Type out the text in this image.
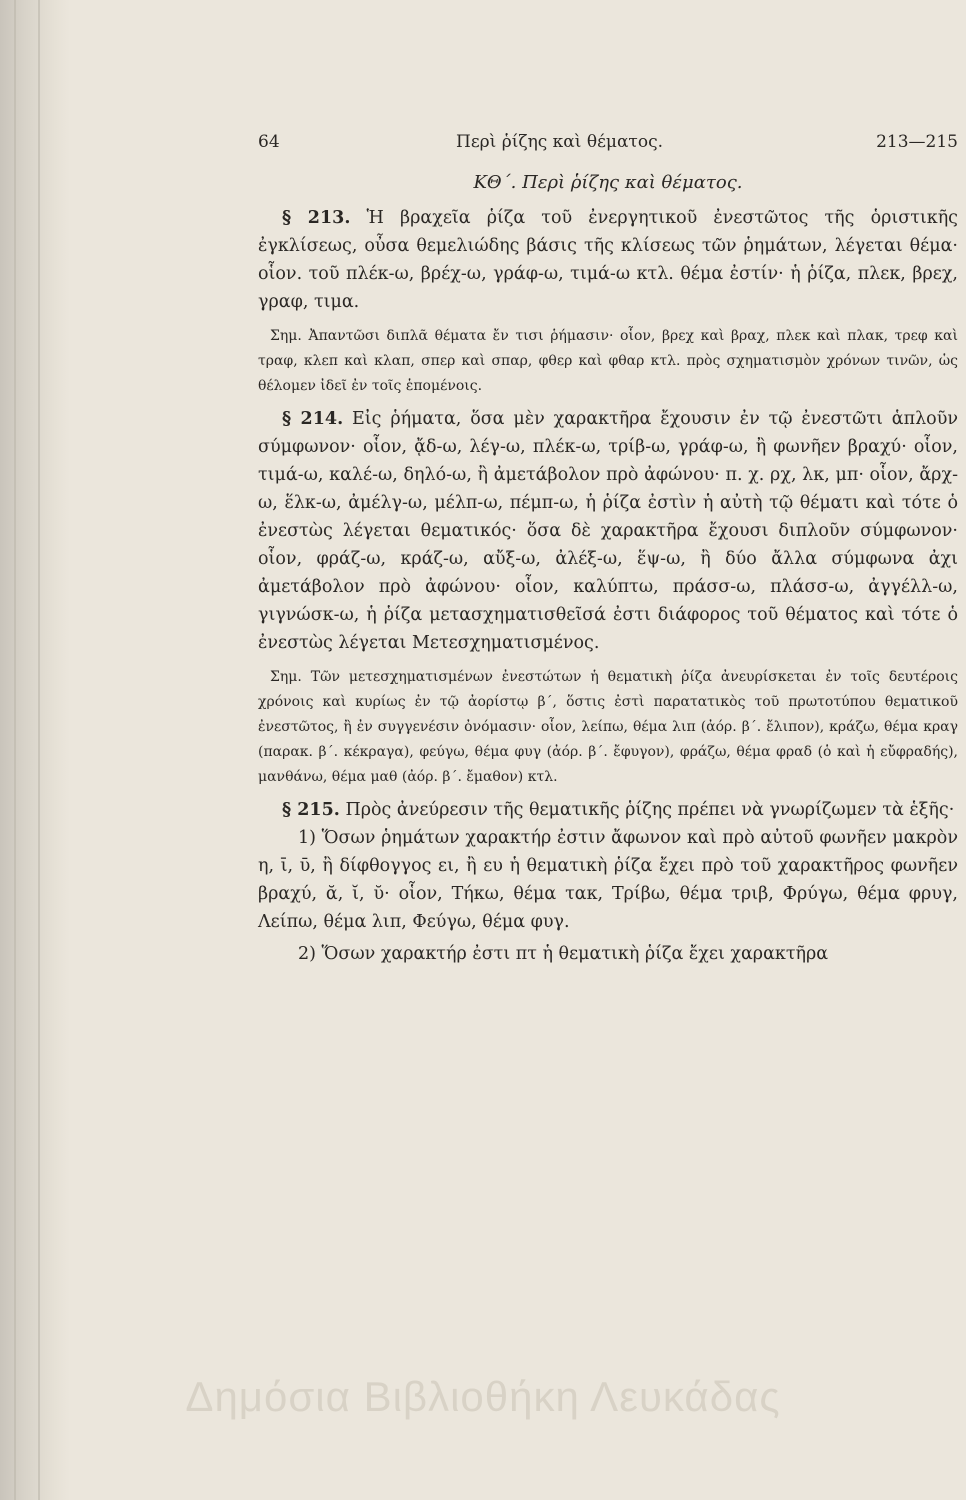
64	Περὶ ῥίζης καὶ θέματος.	213—215

ΚΘ΄. Περὶ ῥίζης καὶ θέματος.

§ 213. Ἡ βραχεῖα ῥίζα τοῦ ἐνεργητικοῦ ἐνεστῶτος τῆς ὁριστικῆς ἐγκλίσεως, οὖσα θεμελιώδης βάσις τῆς κλίσεως τῶν ῥημάτων, λέγεται θέμα· οἷον. τοῦ πλέκ-ω, βρέχ-ω, γράφ-ω, τιμά-ω κτλ. θέμα ἐστίν· ἡ ῥίζα, πλεκ, βρεχ, γραφ, τιμα.

Σημ. Ἀπαντῶσι διπλᾶ θέματα ἔν τισι ῥήμασιν· οἷον, βρεχ καὶ βραχ, πλεκ καὶ πλακ, τρεφ καὶ τραφ, κλεπ καὶ κλαπ, σπερ καὶ σπαρ, φθερ καὶ φθαρ κτλ. πρὸς σχηματισμὸν χρόνων τινῶν, ὡς θέλομεν ἰδεῖ ἐν τοῖς ἑπομένοις.

§ 214. Εἰς ῥήματα, ὅσα μὲν χαρακτῆρα ἔχουσιν ἐν τῷ ἐνεστῶτι ἁπλοῦν σύμφωνον· οἷον, ᾄδ-ω, λέγ-ω, πλέκ-ω, τρίβ-ω, γράφ-ω, ἢ φωνῆεν βραχύ· οἷον, τιμά-ω, καλέ-ω, δηλό-ω, ἢ ἀμετάβολον πρὸ ἀφώνου· π. χ. ρχ, λκ, μπ· οἷον, ἄρχ-ω, ἕλκ-ω, ἀμέλγ-ω, μέλπ-ω, πέμπ-ω, ἡ ῥίζα ἐστὶν ἡ αὐτὴ τῷ θέματι καὶ τότε ὁ ἐνεστὼς λέγεται θεματικός· ὅσα δὲ χαρακτῆρα ἔχουσι διπλοῦν σύμφωνον· οἷον, φράζ-ω, κράζ-ω, αὔξ-ω, ἀλέξ-ω, ἕψ-ω, ἢ δύο ἄλλα σύμφωνα ἀχι ἀμετάβολον πρὸ ἀφώνου· οἷον, καλύπτω, πράσσ-ω, πλάσσ-ω, ἀγγέλλ-ω, γιγνώσκ-ω, ἡ ῥίζα μετασχηματισθεῖσά ἐστι διάφορος τοῦ θέματος καὶ τότε ὁ ἐνεστὼς λέγεται Μετεσχηματισμένος.

Σημ. Τῶν μετεσχηματισμένων ἐνεστώτων ἡ θεματικὴ ῥίζα ἀνευρίσκεται ἐν τοῖς δευτέροις χρόνοις καὶ κυρίως ἐν τῷ ἀορίστῳ β΄, ὅστις ἐστὶ παρατατικὸς τοῦ πρωτοτύπου θεματικοῦ ἐνεστῶτος, ἢ ἐν συγγενέσιν ὀνόμασιν· οἷον, λείπω, θέμα λιπ (ἀόρ. β΄. ἔλιπον), κράζω, θέμα κραγ (παρακ. β΄. κέκραγα), φεύγω, θέμα φυγ (ἀόρ. β΄. ἔφυγον), φράζω, θέμα φραδ (ὁ καὶ ἡ εὔφραδής), μανθάνω, θέμα μαθ (ἀόρ. β΄. ἔμαθον) κτλ.

§ 215. Πρὸς ἀνεύρεσιν τῆς θεματικῆς ῥίζης πρέπει νὰ γνωρίζωμεν τὰ ἑξῆς·

1) Ὅσων ῥημάτων χαρακτήρ ἐστιν ἄφωνον καὶ πρὸ αὐτοῦ φωνῆεν μακρὸν η, ῑ, ῡ, ἢ δίφθογγος ει, ἢ ευ ἡ θεματικὴ ῥίζα ἔχει πρὸ τοῦ χαρακτῆρος φωνῆεν βραχύ, ᾰ, ῐ, ῠ· οἷον, Τήκω, θέμα τακ, Τρίβω, θέμα τριβ, Φρύγω, θέμα φρυγ, Λείπω, θέμα λιπ, Φεύγω, θέμα φυγ.

2) Ὅσων χαρακτήρ ἐστι πτ ἡ θεματικὴ ῥίζα ἔχει χαρακτῆρα

Δημόσια Βιβλιοθήκη Λευκάδας
